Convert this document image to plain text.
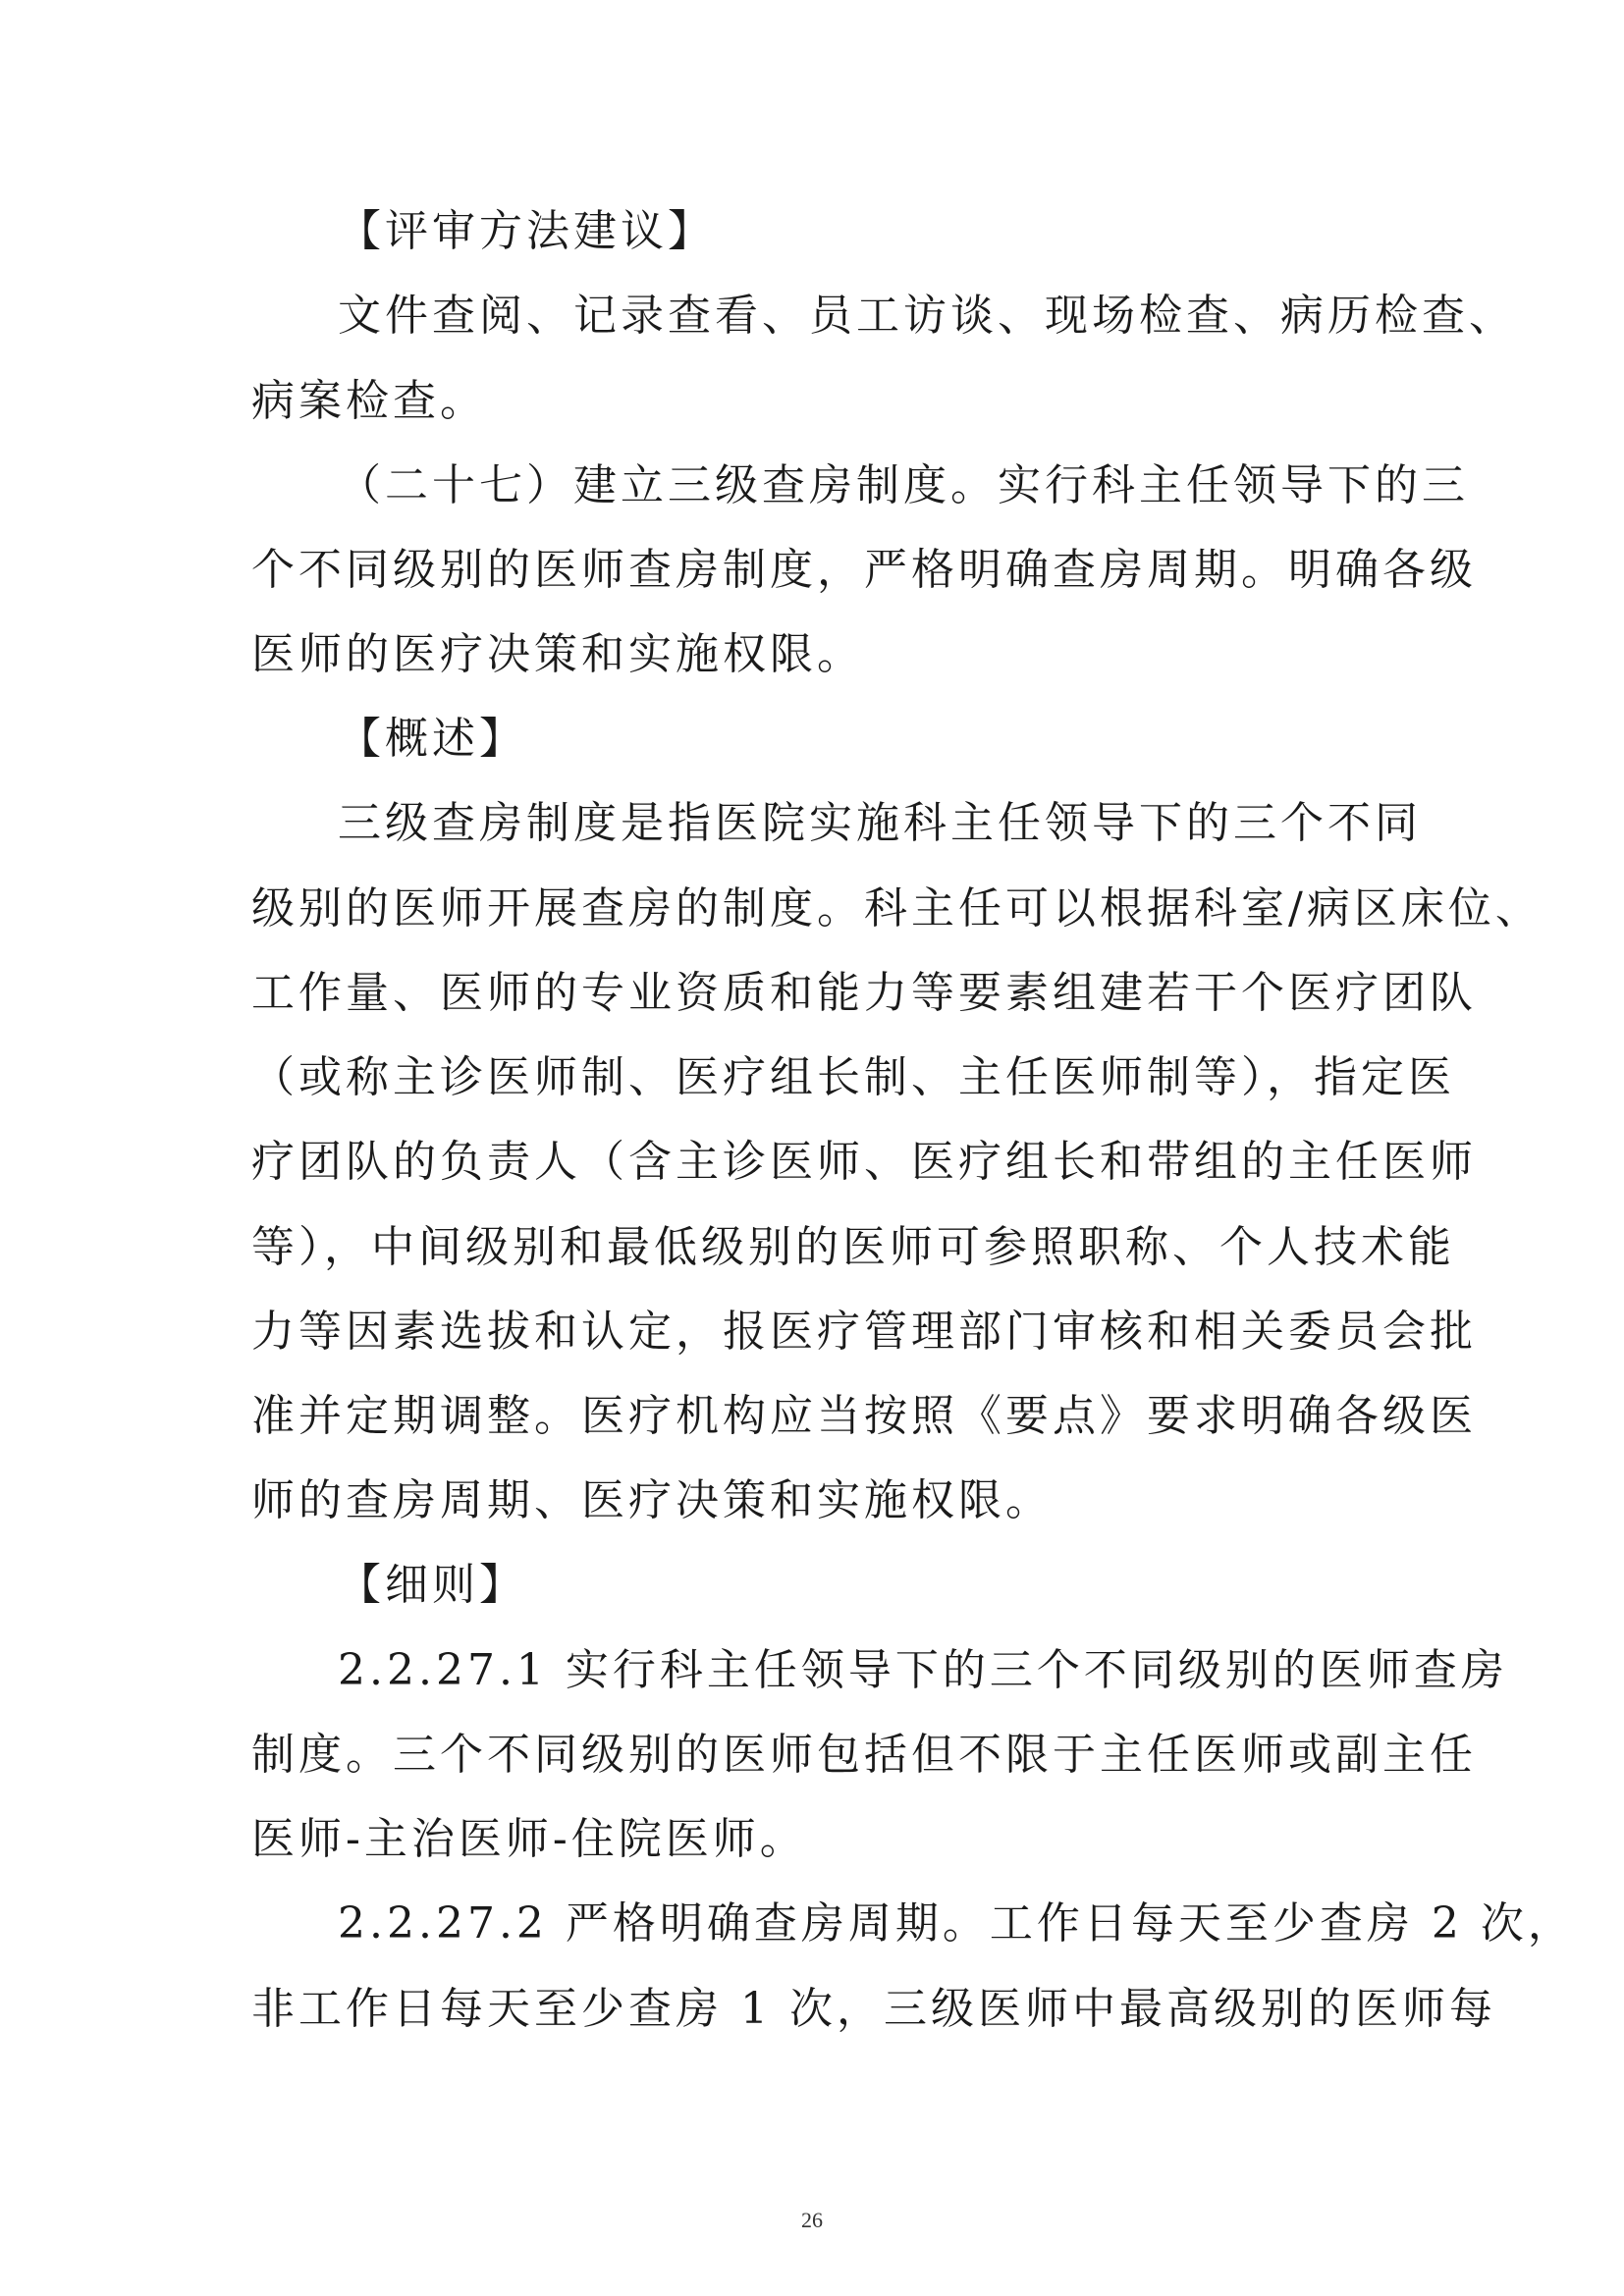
【评审方法建议】
文件查阅、记录查看、员工访谈、现场检查、病历检查、
病案检查。
（二十七）建立三级查房制度。实行科主任领导下的三
个不同级别的医师查房制度，严格明确查房周期。明确各级
医师的医疗决策和实施权限。
【概述】
三级查房制度是指医院实施科主任领导下的三个不同
级别的医师开展查房的制度。科主任可以根据科室/病区床位、
工作量、医师的专业资质和能力等要素组建若干个医疗团队
（或称主诊医师制、医疗组长制、主任医师制等），指定医
疗团队的负责人（含主诊医师、医疗组长和带组的主任医师
等），中间级别和最低级别的医师可参照职称、个人技术能
力等因素选拔和认定，报医疗管理部门审核和相关委员会批
准并定期调整。医疗机构应当按照《要点》要求明确各级医
师的查房周期、医疗决策和实施权限。
【细则】
2.2.27.1 实行科主任领导下的三个不同级别的医师查房
制度。三个不同级别的医师包括但不限于主任医师或副主任
医师-主治医师-住院医师。
2.2.27.2 严格明确查房周期。工作日每天至少查房 2 次，
非工作日每天至少查房 1 次，三级医师中最高级别的医师每
26
